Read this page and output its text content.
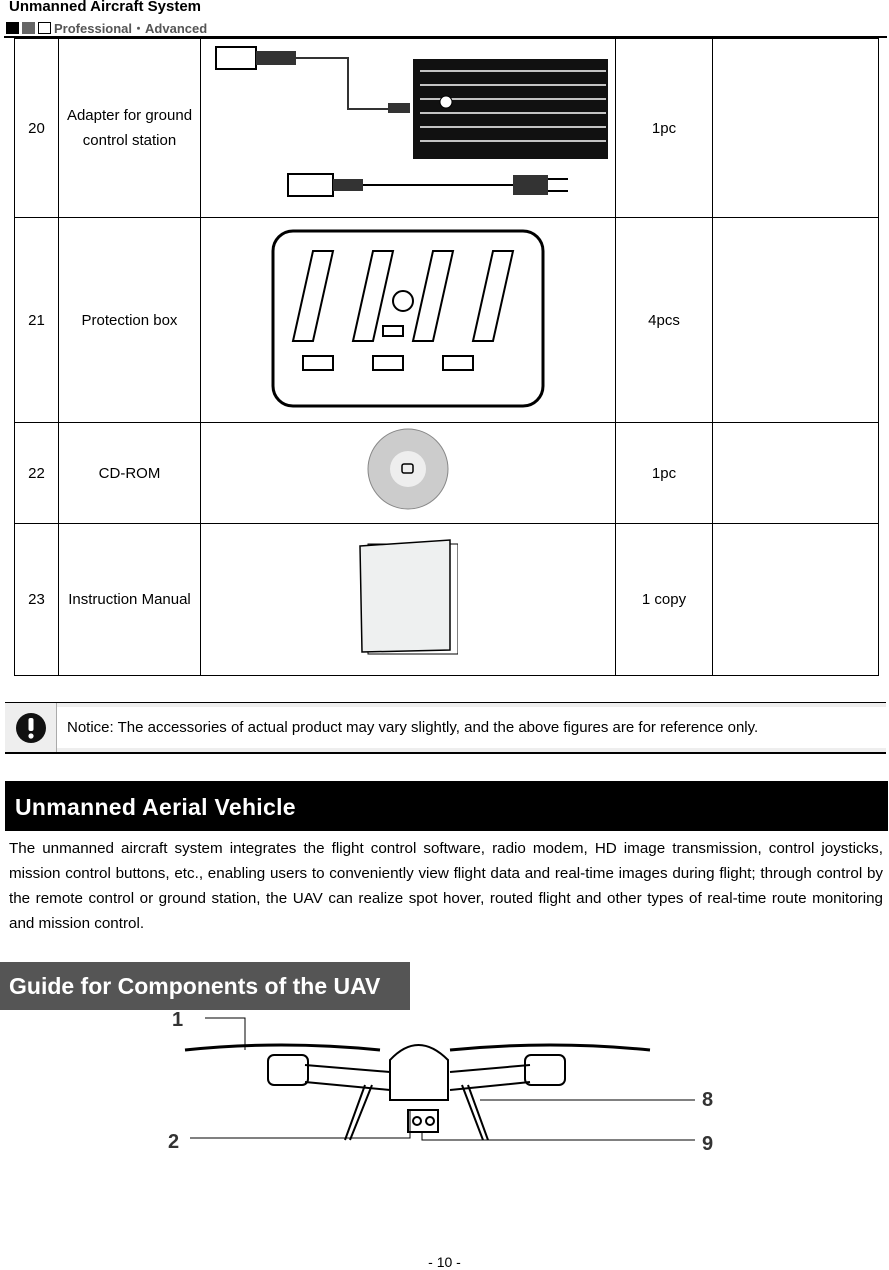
Unmanned Aircraft System
Professional・Advanced
20	Adapter for ground control station		1pc	
21	Protection box		4pcs	
22	CD-ROM		1pc	
23	Instruction Manual		1 copy	
Notice: The accessories of actual product may vary slightly, and the above figures are for reference only.
Unmanned Aerial Vehicle
The unmanned aircraft system integrates the flight control software, radio modem, HD image transmission, control joysticks, mission control buttons, etc., enabling users to conveniently view flight data and real-time images during flight; through control by the remote control or ground station, the UAV can realize spot hover, routed flight and other types of real-time route monitoring and mission control.
Guide for Components of the UAV
1
2
8
9
- 10 -
